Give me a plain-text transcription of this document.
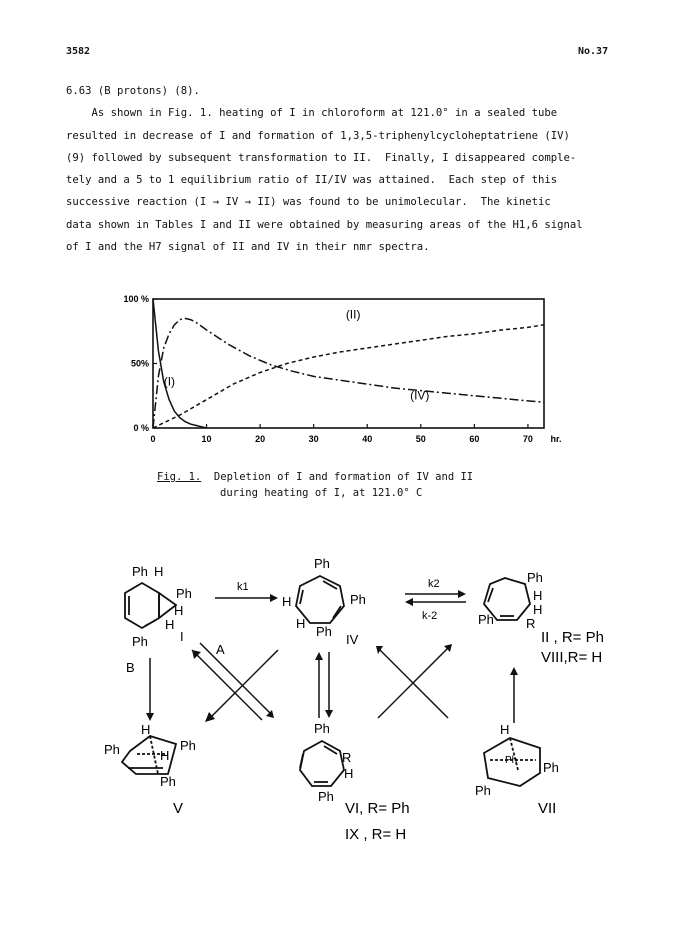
3582	No.37
6.63 (B protons) (8).
As shown in Fig. 1. heating of I in chloroform at 121.0° in a sealed tube
resulted in decrease of I and formation of 1,3,5-triphenylcycloheptatriene (IV)
(9) followed by subsequent transformation to II.  Finally, I disappeared comple-
tely and a 5 to 1 equilibrium ratio of II/IV was attained.  Each step of this
successive reaction (I → IV → II) was found to be unimolecular.  The kinetic
data shown in Tables I and II were obtained by measuring areas of the H1,6 signal
of I and the H7 signal of II and IV in their nmr spectra.
0	10	20	30	40	50	60	70 hr.
0 %
50%
100 %
(I)
(IV)
(II)
Fig. 1. Depletion of I and formation of IV and II
during heating of I, at 121.0° C
Ph H
Ph
H
H
Ph I
k1
Ph
Ph
H
H
Ph
IV
k2
k-2
Ph
H
H
Ph R
II , R= Ph
VIII,R= H
B
A
Ph
H
Ph
H
Ph
V
Ph
R
H
Ph
VI, R= Ph
IX , R= H
H
Ph Ph
Ph
VII
